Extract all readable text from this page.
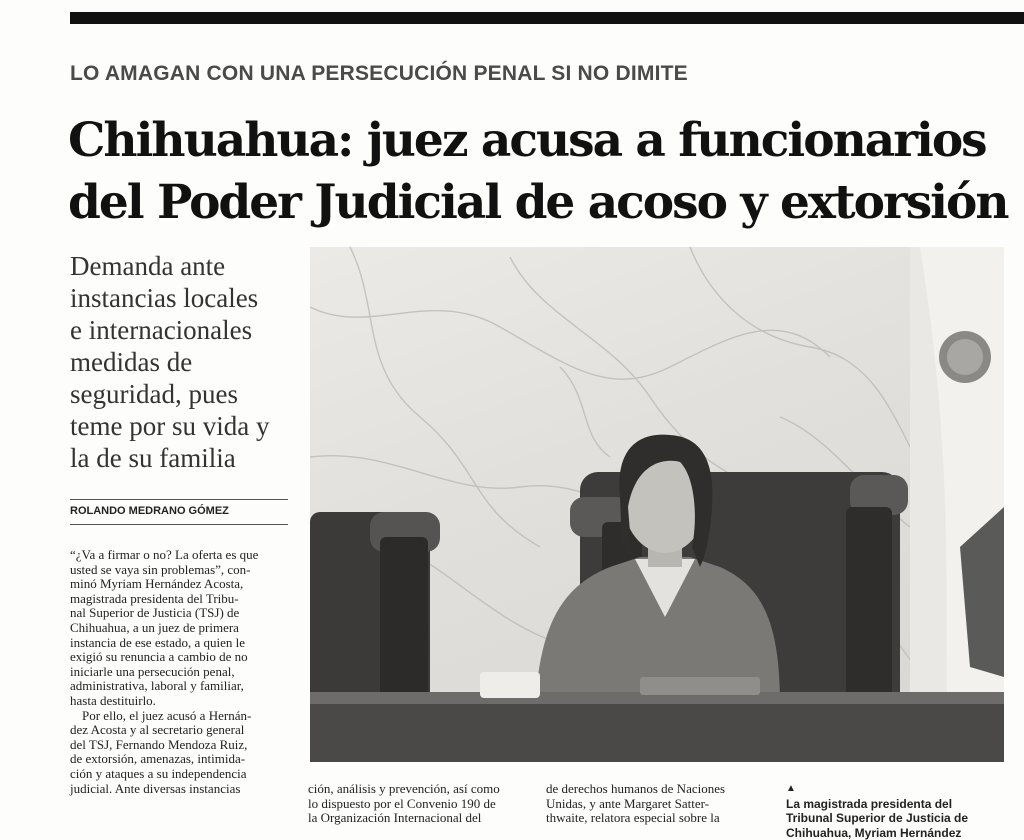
LO AMAGAN CON UNA PERSECUCIÓN PENAL SI NO DIMITE
Chihuahua: juez acusa a funcionarios
del Poder Judicial de acoso y extorsión
Demanda ante
instancias locales
e internacionales
medidas de
seguridad, pues
teme por su vida y
la de su familia
ROLANDO MEDRANO GÓMEZ
“¿Va a firmar o no? La oferta es que
usted se vaya sin problemas”, con-
minó Myriam Hernández Acosta,
magistrada presidenta del Tribu-
nal Superior de Justicia (TSJ) de
Chihuahua, a un juez de primera
instancia de ese estado, a quien le
exigió su renuncia a cambio de no
iniciarle una persecución penal,
administrativa, laboral y familiar,
hasta destituirlo.
Por ello, el juez acusó a Hernán-
dez Acosta y al secretario general
del TSJ, Fernando Mendoza Ruiz,
de extorsión, amenazas, intimida-
ción y ataques a su independencia
judicial. Ante diversas instancias	ción, análisis y prevención, así como
lo dispuesto por el Convenio 190 de
la Organización Internacional del
de derechos humanos de Naciones
Unidas, y ante Margaret Satter-
thwaite, relatora especial sobre la
▲
La magistrada presidenta del
Tribunal Superior de Justicia de
Chihuahua, Myriam Hernández
